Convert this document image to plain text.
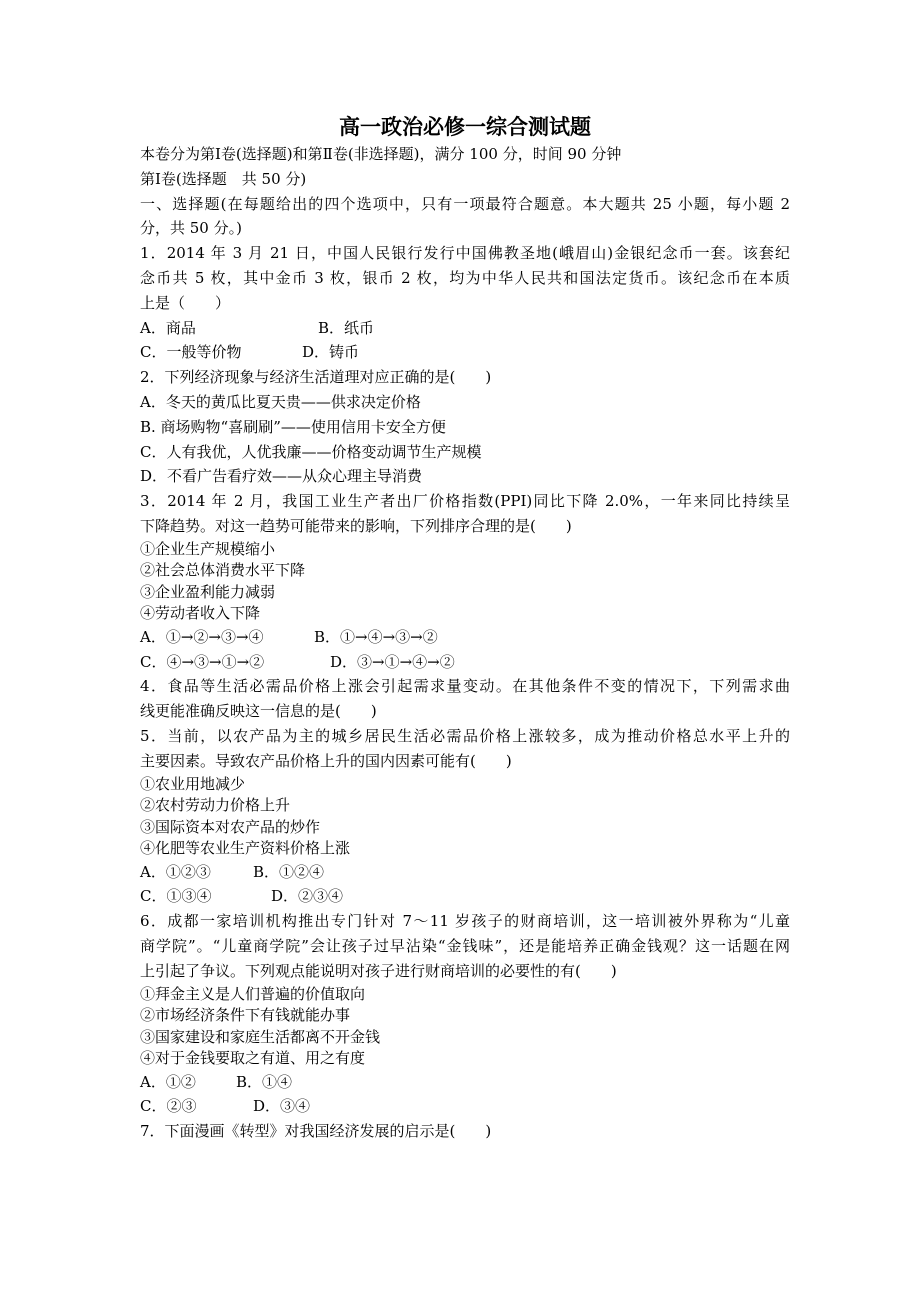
高一政治必修一综合测试题
本卷分为第Ⅰ卷(选择题)和第Ⅱ卷(非选择题)，满分 100 分，时间 90 分钟
第Ⅰ卷(选择题　共 50 分)
一、选择题(在每题给出的四个选项中，只有一项最符合题意。本大题共 25 小题，每小题 2
分，共 50 分。)
1．2014 年 3 月 21 日，中国人民银行发行中国佛教圣地(峨眉山)金银纪念币一套。该套纪
念币共 5 枚，其中金币 3 枚，银币 2 枚，均为中华人民共和国法定货币。该纪念币在本质
上是（　　）
A．商品	B．纸币
C．一般等价物	D．铸币
2．下列经济现象与经济生活道理对应正确的是(　　)
A．冬天的黄瓜比夏天贵——供求决定价格
B. 商场购物“喜刷刷”——使用信用卡安全方便
C．人有我优，人优我廉——价格变动调节生产规模
D．不看广告看疗效——从众心理主导消费
3．2014 年 2 月，我国工业生产者出厂价格指数(PPI)同比下降 2.0%，一年来同比持续呈
下降趋势。对这一趋势可能带来的影响，下列排序合理的是(　　)
①企业生产规模缩小
②社会总体消费水平下降
③企业盈利能力减弱
④劳动者收入下降
A．①→②→③→④	B．①→④→③→②
C．④→③→①→②	D．③→①→④→②
4．食品等生活必需品价格上涨会引起需求量变动。在其他条件不变的情况下，下列需求曲
线更能准确反映这一信息的是(　　)
5．当前，以农产品为主的城乡居民生活必需品价格上涨较多，成为推动价格总水平上升的
主要因素。导致农产品价格上升的国内因素可能有(　　)
①农业用地减少
②农村劳动力价格上升
③国际资本对农产品的炒作
④化肥等农业生产资料价格上涨
A．①②③	B．①②④
C．①③④	D．②③④
6．成都一家培训机构推出专门针对 7～11 岁孩子的财商培训，这一培训被外界称为“儿童
商学院”。“儿童商学院”会让孩子过早沾染“金钱味”，还是能培养正确金钱观？这一话题在网
上引起了争议。下列观点能说明对孩子进行财商培训的必要性的有(　　)
①拜金主义是人们普遍的价值取向
②市场经济条件下有钱就能办事
③国家建设和家庭生活都离不开金钱
④对于金钱要取之有道、用之有度
A．①②	B．①④
C．②③	D．③④
7．下面漫画《转型》对我国经济发展的启示是(　　)
